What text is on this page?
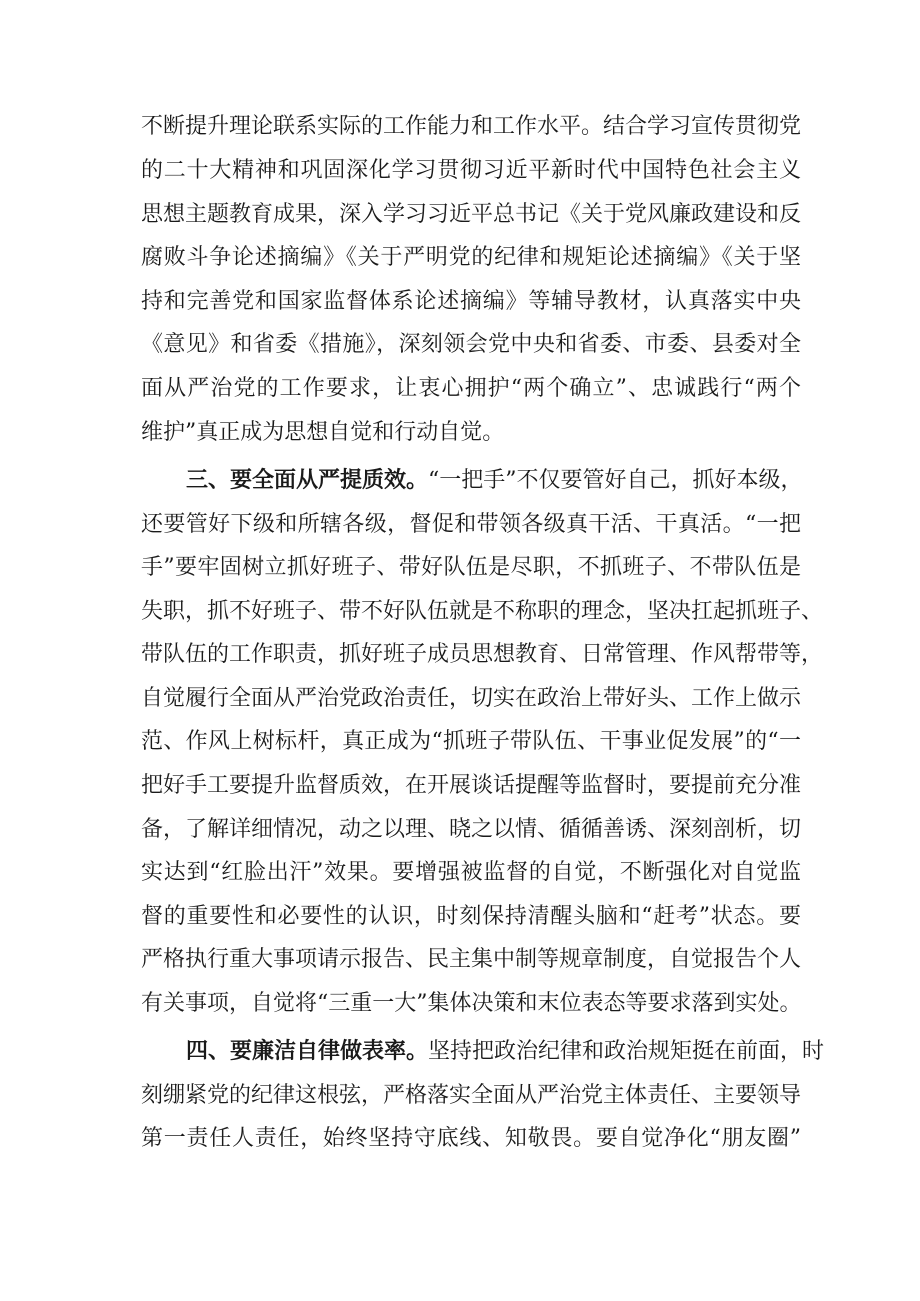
不断提升理论联系实际的工作能力和工作水平。结合学习宣传贯彻党
的二十大精神和巩固深化学习贯彻习近平新时代中国特色社会主义
思想主题教育成果，深入学习习近平总书记《关于党风廉政建设和反
腐败斗争论述摘编》《关于严明党的纪律和规矩论述摘编》《关于坚
持和完善党和国家监督体系论述摘编》等辅导教材，认真落实中央
《意见》和省委《措施》，深刻领会党中央和省委、市委、县委对全
面从严治党的工作要求，让衷心拥护“两个确立”、忠诚践行“两个
维护”真正成为思想自觉和行动自觉。
三、要全面从严提质效。“一把手”不仅要管好自己，抓好本级，
还要管好下级和所辖各级，督促和带领各级真干活、干真活。“一把
手”要牢固树立抓好班子、带好队伍是尽职，不抓班子、不带队伍是
失职，抓不好班子、带不好队伍就是不称职的理念，坚决扛起抓班子、
带队伍的工作职责，抓好班子成员思想教育、日常管理、作风帮带等，
自觉履行全面从严治党政治责任，切实在政治上带好头、工作上做示
范、作风上树标杆，真正成为“抓班子带队伍、干事业促发展”的“一
把好手工要提升监督质效，在开展谈话提醒等监督时，要提前充分准
备，了解详细情况，动之以理、晓之以情、循循善诱、深刻剖析，切
实达到“红脸出汗”效果。要增强被监督的自觉，不断强化对自觉监
督的重要性和必要性的认识，时刻保持清醒头脑和“赶考”状态。要
严格执行重大事项请示报告、民主集中制等规章制度，自觉报告个人
有关事项，自觉将“三重一大”集体决策和末位表态等要求落到实处。
四、要廉洁自律做表率。坚持把政治纪律和政治规矩挺在前面，时
刻绷紧党的纪律这根弦，严格落实全面从严治党主体责任、主要领导
第一责任人责任，始终坚持守底线、知敬畏。要自觉净化“朋友圈”
